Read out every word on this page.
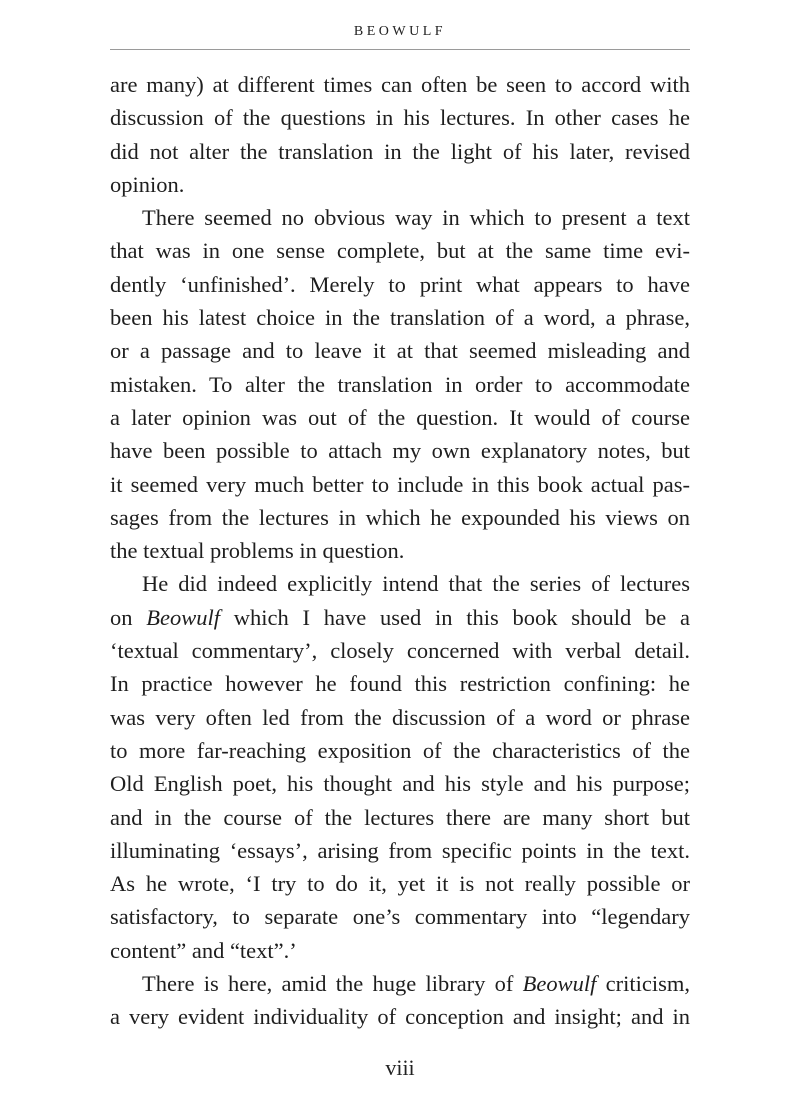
BEOWULF
are many) at different times can often be seen to accord with
discussion of the questions in his lectures. In other cases he
did not alter the translation in the light of his later, revised
opinion.
There seemed no obvious way in which to present a text
that was in one sense complete, but at the same time evi-
dently ‘unfinished’. Merely to print what appears to have
been his latest choice in the translation of a word, a phrase,
or a passage and to leave it at that seemed misleading and
mistaken. To alter the translation in order to accommodate
a later opinion was out of the question. It would of course
have been possible to attach my own explanatory notes, but
it seemed very much better to include in this book actual pas-
sages from the lectures in which he expounded his views on
the textual problems in question.
He did indeed explicitly intend that the series of lectures
on Beowulf which I have used in this book should be a
‘textual commentary’, closely concerned with verbal detail.
In practice however he found this restriction confining: he
was very often led from the discussion of a word or phrase
to more far-reaching exposition of the characteristics of the
Old English poet, his thought and his style and his purpose;
and in the course of the lectures there are many short but
illuminating ‘essays’, arising from specific points in the text.
As he wrote, ‘I try to do it, yet it is not really possible or
satisfactory, to separate one’s commentary into “legendary
content” and “text”.’
There is here, amid the huge library of Beowulf criticism,
a very evident individuality of conception and insight; and in
viii
